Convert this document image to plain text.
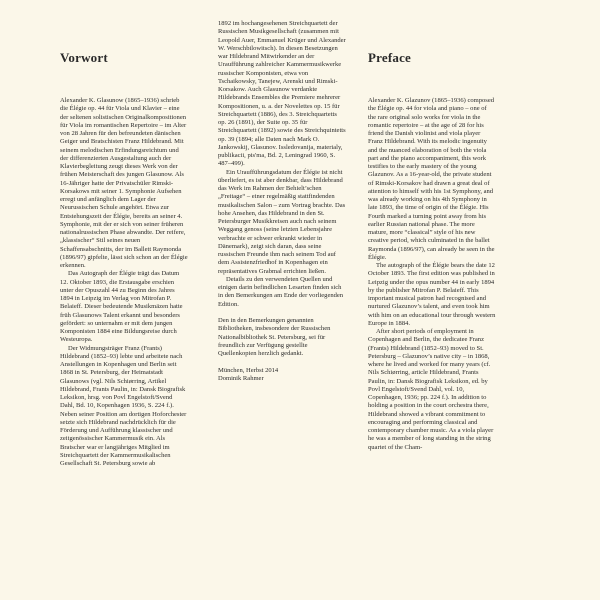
Vorwort	Preface

Alexander K. Glasunow (1865–1936) schrieb die Élégie op. 44 für Viola und Klavier – eine der seltenen solistischen Originalkompositionen für Viola im romantischen Repertoire – im Alter von 28 Jahren für den befreundeten dänischen Geiger und Bratschisten Franz Hildebrand. Mit seinem melodischen Erfindungsreichtum und der differenzierten Ausgestaltung auch der Klavierbegleitung zeugt dieses Werk von der frühen Meisterschaft des jungen Glasunow. Als 16-Jähriger hatte der Privatschüler Rimski-Korsakows mit seiner 1. Symphonie Aufsehen erregt und anfänglich dem Lager der Neurussischen Schule angehört. Etwa zur Entstehungszeit der Élégie, bereits an seiner 4. Symphonie, mit der er sich von seiner früheren nationalrussischen Phase abwandte. Der reifere, „klassischer“ Stil seines neuen Schaffensabschnitts, der im Ballett Raymonda (1896/97) gipfelte, lässt sich schon an der Élégie erkennen.

Das Autograph der Élégie trägt das Datum 12. Oktober 1893, die Erstausgabe erschien unter der Opuszahl 44 zu Beginn des Jahres 1894 in Leipzig im Verlag von Mitrofan P. Belaieff. Dieser bedeutende Musikmäzen hatte früh Glasunows Talent erkannt und besonders gefördert: so unternahm er mit dem jungen Komponisten 1884 eine Bildungsreise durch Westeuropa.

Der Widmungsträger Franz (Frants) Hildebrand (1852–93) lebte und arbeitete nach Anstellungen in Kopenhagen und Berlin seit 1868 in St. Petersburg, der Heimatstadt Glasunows (vgl. Nils Schiørring, Artikel Hildebrand, Frants Paulin, in: Dansk Biografisk Leksikon, hrsg. von Povl Engelstoft/Svend Dahl, Bd. 10, Kopenhagen 1936, S. 224 f.). Neben seiner Position am dortigen Hoforchester setzte sich Hildebrand nachdrücklich für die Förderung und Aufführung klassischer und zeitgenössischer Kammermusik ein. Als Bratscher war er langjähriges Mitglied im Streichquartett der Kammermusikalischen Gesellschaft St. Petersburg sowie ab

1892 im hochangesehenen Streichquartett der Russischen Musikgesellschaft (zusammen mit Leopold Auer, Emmanuel Krüger und Alexander W. Werschbilowitsch). In diesen Besetzungen war Hildebrand Mitwirkender an der Uraufführung zahlreicher Kammermusikwerke russischer Komponisten, etwa von Tschaikowsky, Tanejew, Arenski und Rimski-Korsakow. Auch Glasunow verdankte Hildebrands Ensembles die Premiere mehrerer Kompositionen, u. a. der Novelettes op. 15 für Streichquartett (1886), des 3. Streichquartetts op. 26 (1891), der Suite op. 35 für Streichquartett (1892) sowie des Streichquintetts op. 39 (1894; alle Daten nach Mark O. Jankowskij, Glasunov. Issledovanija, materialy, publikacii, pis'ma, Bd. 2, Leningrad 1960, S. 487–499).

Ein Uraufführungsdatum der Élégie ist nicht überliefert, es ist aber denkbar, dass Hildebrand das Werk im Rahmen der Behielt’schen „Freitage“ – einer regelmäßig stattfindenden musikalischen Salon – zum Vortrag brachte. Das hohe Ansehen, das Hildebrand in den St. Petersburger Musikkreisen auch nach seinem Weggang genoss (seine letzten Lebensjahre verbrachte er schwer erkrankt wieder in Dänemark), zeigt sich daran, dass seine russischen Freunde ihm nach seinem Tod auf dem Assistenzfriedhof in Kopenhagen ein repräsentatives Grabmal errichten ließen.

Details zu den verwendeten Quellen und einigen darin befindlichen Lesarten finden sich in den Bemerkungen am Ende der vorliegenden Edition.

Den in den Bemerkungen genannten Bibliotheken, insbesondere der Russischen Nationalbibliothek St. Petersburg, sei für freundlich zur Verfügung gestellte Quellenkopien herzlich gedankt.

München, Herbst 2014

Dominik Rahmer

Alexander K. Glazunov (1865–1936) composed the Élégie op. 44 for viola and piano – one of the rare original solo works for viola in the romantic repertoire – at the age of 28 for his friend the Danish violinist and viola player Franz Hildebrand. With its melodic ingenuity and the nuanced elaboration of both the viola part and the piano accompaniment, this work testifies to the early mastery of the young Glazunov. As a 16-year-old, the private student of Rimski-Korsakov had drawn a great deal of attention to himself with his 1st Symphony, and was already working on his 4th Symphony in late 1893, the time of origin of the Élégie. His Fourth marked a turning point away from his earlier Russian national phase. The more mature, more “classical” style of his new creative period, which culminated in the ballet Raymonda (1896/97), can already be seen in the Élégie.

The autograph of the Élégie bears the date 12 October 1893. The first edition was published in Leipzig under the opus number 44 in early 1894 by the publisher Mitrofan P. Belaieff. This important musical patron had recognised and nurtured Glazunov’s talent, and even took him with him on an educational tour through western Europe in 1884.

After short periods of employment in Copenhagen and Berlin, the dedicatee Franz (Frants) Hildebrand (1852–93) moved to St. Petersburg – Glazunov’s native city – in 1868, where he lived and worked for many years (cf. Nils Schiørring, article Hildebrand, Frants Paulin, in: Dansk Biografisk Leksikon, ed. by Povl Engelstoft/Svend Dahl, vol. 10, Copenhagen, 1936; pp. 224 f.). In addition to holding a position in the court orchestra there, Hildebrand showed a vibrant commitment to encouraging and performing classical and contemporary chamber music. As a viola player he was a member of long standing in the string quartet of the Cham-
